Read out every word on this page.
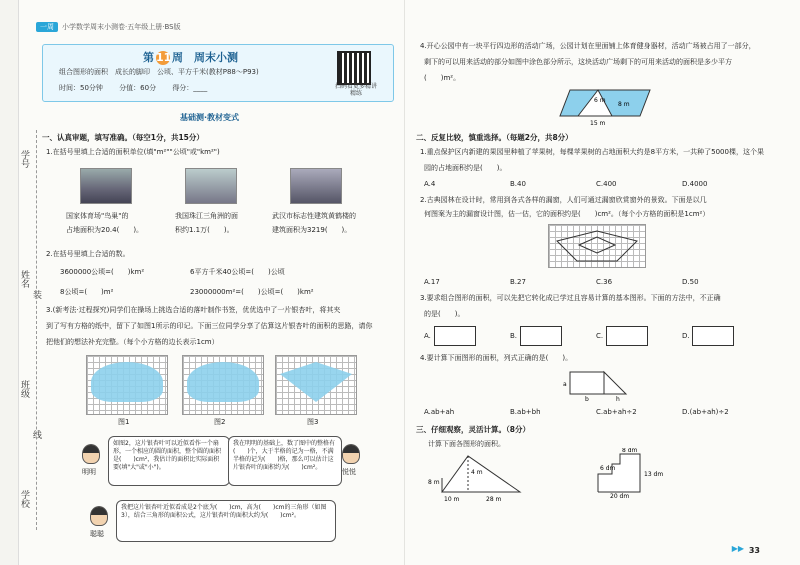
学号
姓名
班级
学校
装
线
一周 小学数学周末小测卷·五年级上册·BS版
第 11周　 周末小测
组合图形的面积　成长的脚印　公顷、平方千米(教材P88～P93)
时间：50分钟 分值：60分 得分：____	扫码看更多精讲精练
基础测·教材变式
一、认真审题，填写准确。（每空1分，共15分）
1.在括号里填上合适的面积单位(填"m²""公顷"或"km²")
国家体育场"鸟巢"的
占地面积为20.4(　　)。
我国珠江三角洲的面
积约1.1万(　　)。
武汉市标志性建筑黄鹤楼的
建筑面积为3219(　　)。
2.在括号里填上合适的数。
3600000公顷=(　　)km²	6平方千米40公顷=(　　)公顷
8公顷=(　　)m²	23000000m²=(　　)公顷=(　　)km²
3.(新考法·过程探究)同学们在操场上挑选合适的落叶制作书签，优优选中了一片银杏叶，将其夹
到了写有方格的纸中，留下了如图1所示的印记。下面三位同学分享了估算这片银杏叶的面积的思路，请你
把他们的想法补充完整。（每个小方格的边长表示1cm）
图1	图2	图3
明明
如图2，这片银杏叶可以近似看作一个扇形，一个相应的圆的面积，整个圆的面积是(　　)cm²，我估计的面积比实际面积要(填"大"或"小")。
我在明明的基础上，数了图中的整格有(　　)个，大于半格的记为一格，不满半格的记为(　　)格，那么可以估计这片银杏叶的面积约为(　　)cm²。
悦悦
聪聪
我把这片银杏叶近似看成是2个底为(　　)cm，高为(　　)cm的三角形（如图3），结合三角形的面积公式，这片银杏叶的面积大约为(　　)cm²。
4.开心公园中有一块平行四边形的活动广场，公园计划在里面铺上体育健身器材，活动广场被占用了一部分，
剩下的可以用来活动的部分如图中涂色部分所示，这块活动广场剩下的可用来活动的面积是多少平方
(　　)m²。
6 m
8 m
15 m
二、反复比较，慎重选择。（每题2分，共8分）
1.重点保护区内新建的果园里种植了苹果树，每棵苹果树的占地面积大约是8平方米，一共种了5000棵，这个果
园的占地面积约是(　　)。
A.4	B.40	C.400	D.4000
2.古典园林在设计时，常用到各式各样的漏窗，人们可通过漏窗欣赏窗外的景致。下面是以几
何图案为主的漏窗设计图，估一估，它的面积约是(　　)cm²。（每个小方格的面积是1cm²）
A.17	B.27	C.36	D.50
3.要求组合图形的面积，可以先把它转化成已学过且容易计算的基本图形。下面的方法中，不正确
的是(　　)。
A.	B.	C.	D.
4.要计算下面图形的面积，列式正确的是(　　)。
a
b	h
A.ab+ah	B.ab+bh	C.ab+ah÷2	D.(ab+ah)÷2
三、仔细观察，灵活计算。（8分）
计算下面各图形的面积。
8 m
10 m	28 m
4 m
8 dm
6 dm
13 dm
20 dm
▶▶ 33
